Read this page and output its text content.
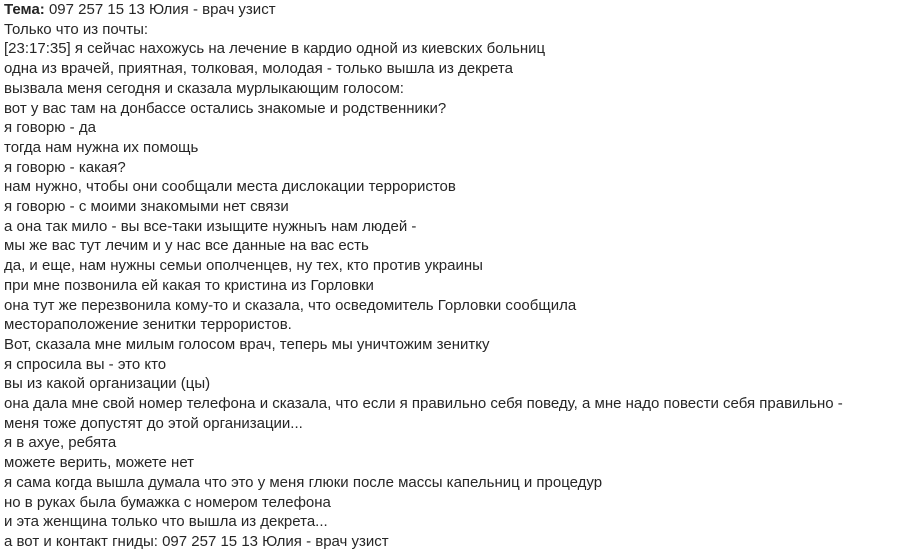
Тема: 097 257 15 13 Юлия - врач узист
Только что из почты:
[23:17:35] я сейчас нахожусь на лечение в кардио одной из киевских больниц
одна из врачей, приятная, толковая, молодая - только вышла из декрета
вызвала меня сегодня и сказала мурлыкающим голосом:
вот у вас там на донбассе остались знакомые и родственники?
я говорю - да
тогда нам нужна их помощь
я говорю - какая?
нам нужно, чтобы они сообщали места дислокации террористов
я говорю - с моими знакомыми нет связи
а она так мило - вы все-таки изыщите нужныъ нам людей -
мы же вас тут лечим и у нас все данные на вас есть
да, и еще, нам нужны семьи ополченцев, ну тех, кто против украины
при мне позвонила ей какая то кристина из Горловки
она тут же перезвонила кому-то и сказала, что осведомитель Горловки сообщила
местораположение зенитки террористов.
Вот, сказала мне милым голосом врач, теперь мы уничтожим зенитку
я спросила вы - это кто
вы из какой организации (цы)
она дала мне свой номер телефона и сказала, что если я правильно себя поведу, а мне надо повести себя правильно -
меня тоже допустят до этой организации...
я в ахуе, ребята
можете верить, можете нет
я сама когда вышла думала что это у меня глюки после массы капельниц и процедур
но в руках была бумажка с номером телефона
и эта женщина только что вышла из декрета...
а вот и контакт гниды: 097 257 15 13 Юлия - врач узист
